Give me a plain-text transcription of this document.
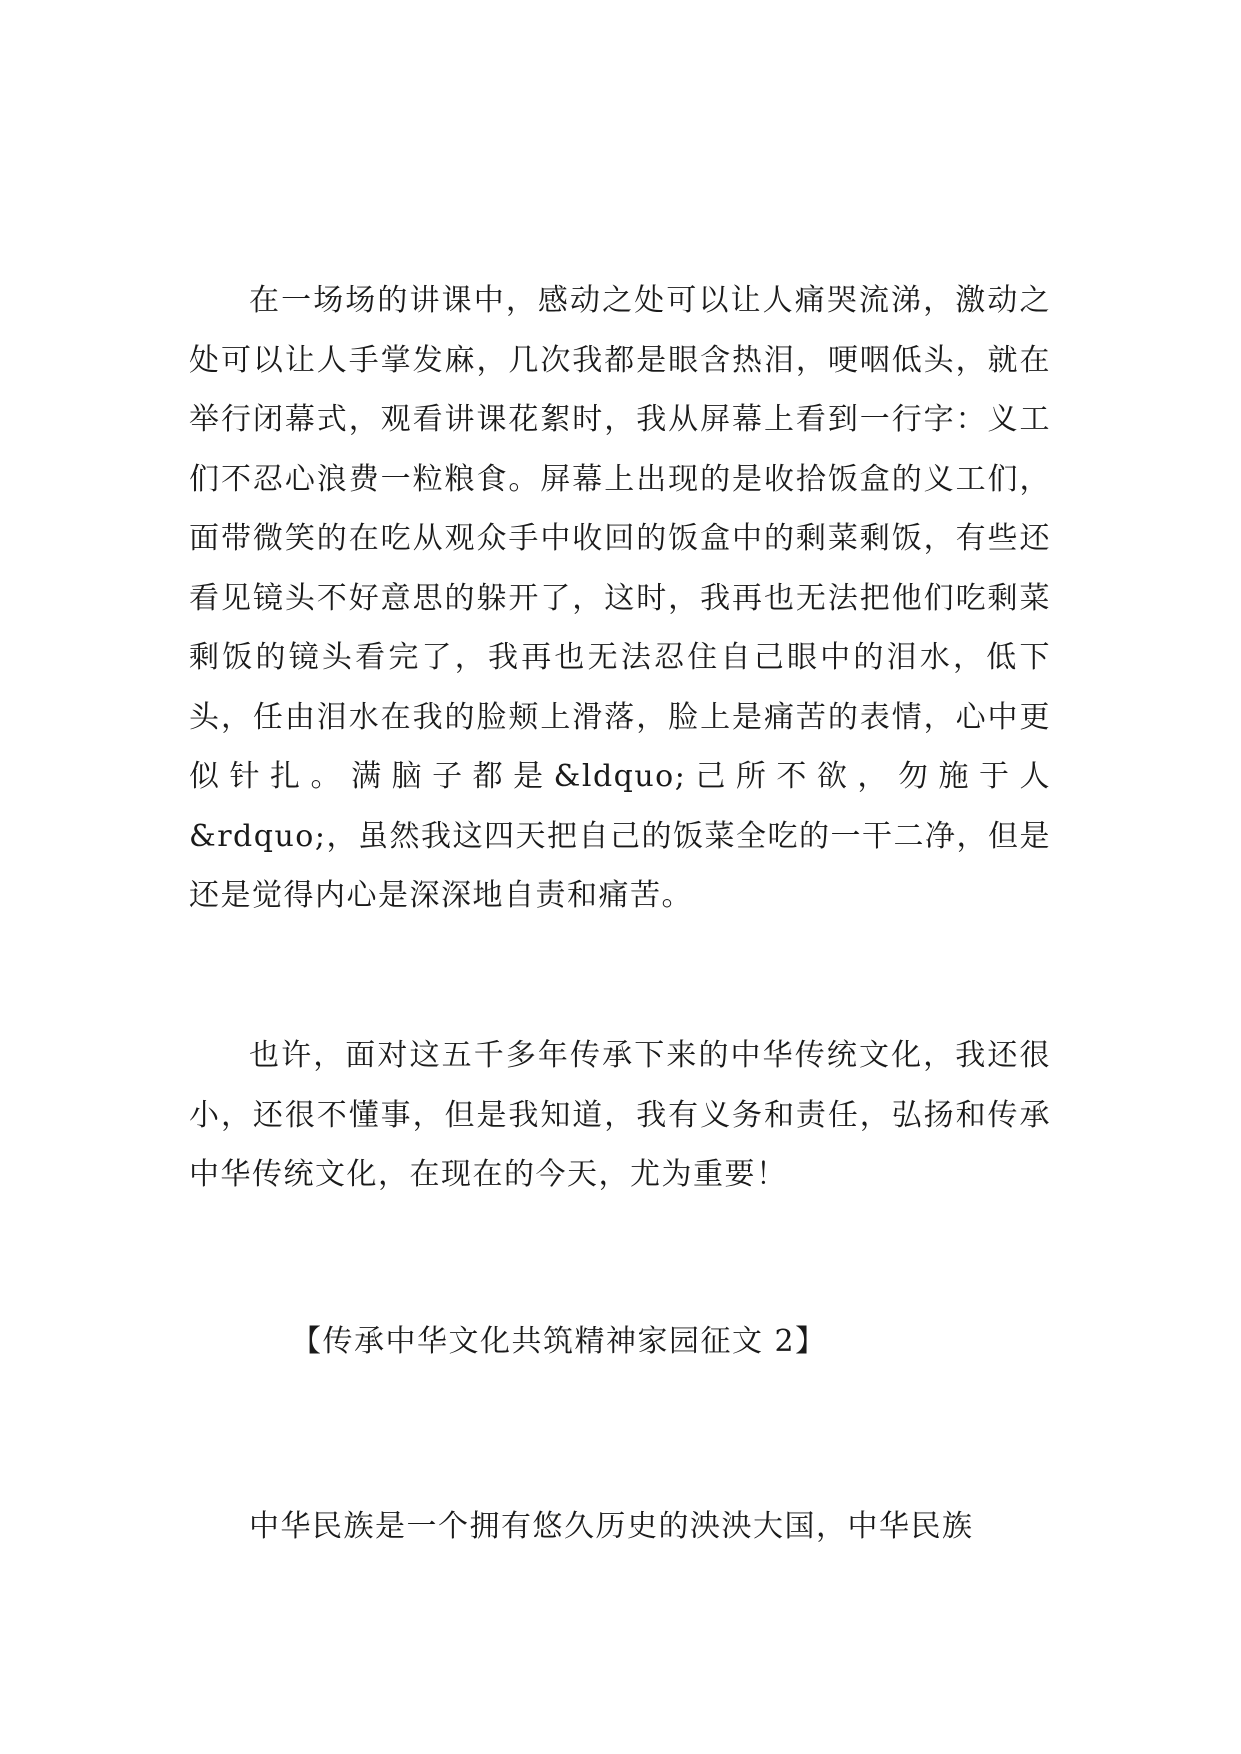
在一场场的讲课中，感动之处可以让人痛哭流涕，激动之处可以让人手掌发麻，几次我都是眼含热泪，哽咽低头，就在举行闭幕式，观看讲课花絮时，我从屏幕上看到一行字：义工们不忍心浪费一粒粮食。屏幕上出现的是收拾饭盒的义工们，面带微笑的在吃从观众手中收回的饭盒中的剩菜剩饭，有些还看见镜头不好意思的躲开了，这时，我再也无法把他们吃剩菜剩饭的镜头看完了，我再也无法忍住自己眼中的泪水，低下头，任由泪水在我的脸颊上滑落，脸上是痛苦的表情，心中更似针扎。满脑子都是&ldquo;己所不欲，勿施于人&rdquo;，虽然我这四天把自己的饭菜全吃的一干二净，但是还是觉得内心是深深地自责和痛苦。

也许，面对这五千多年传承下来的中华传统文化，我还很小，还很不懂事，但是我知道，我有义务和责任，弘扬和传承中华传统文化，在现在的今天，尤为重要！

【传承中华文化共筑精神家园征文 2】

中华民族是一个拥有悠久历史的泱泱大国，中华民族
